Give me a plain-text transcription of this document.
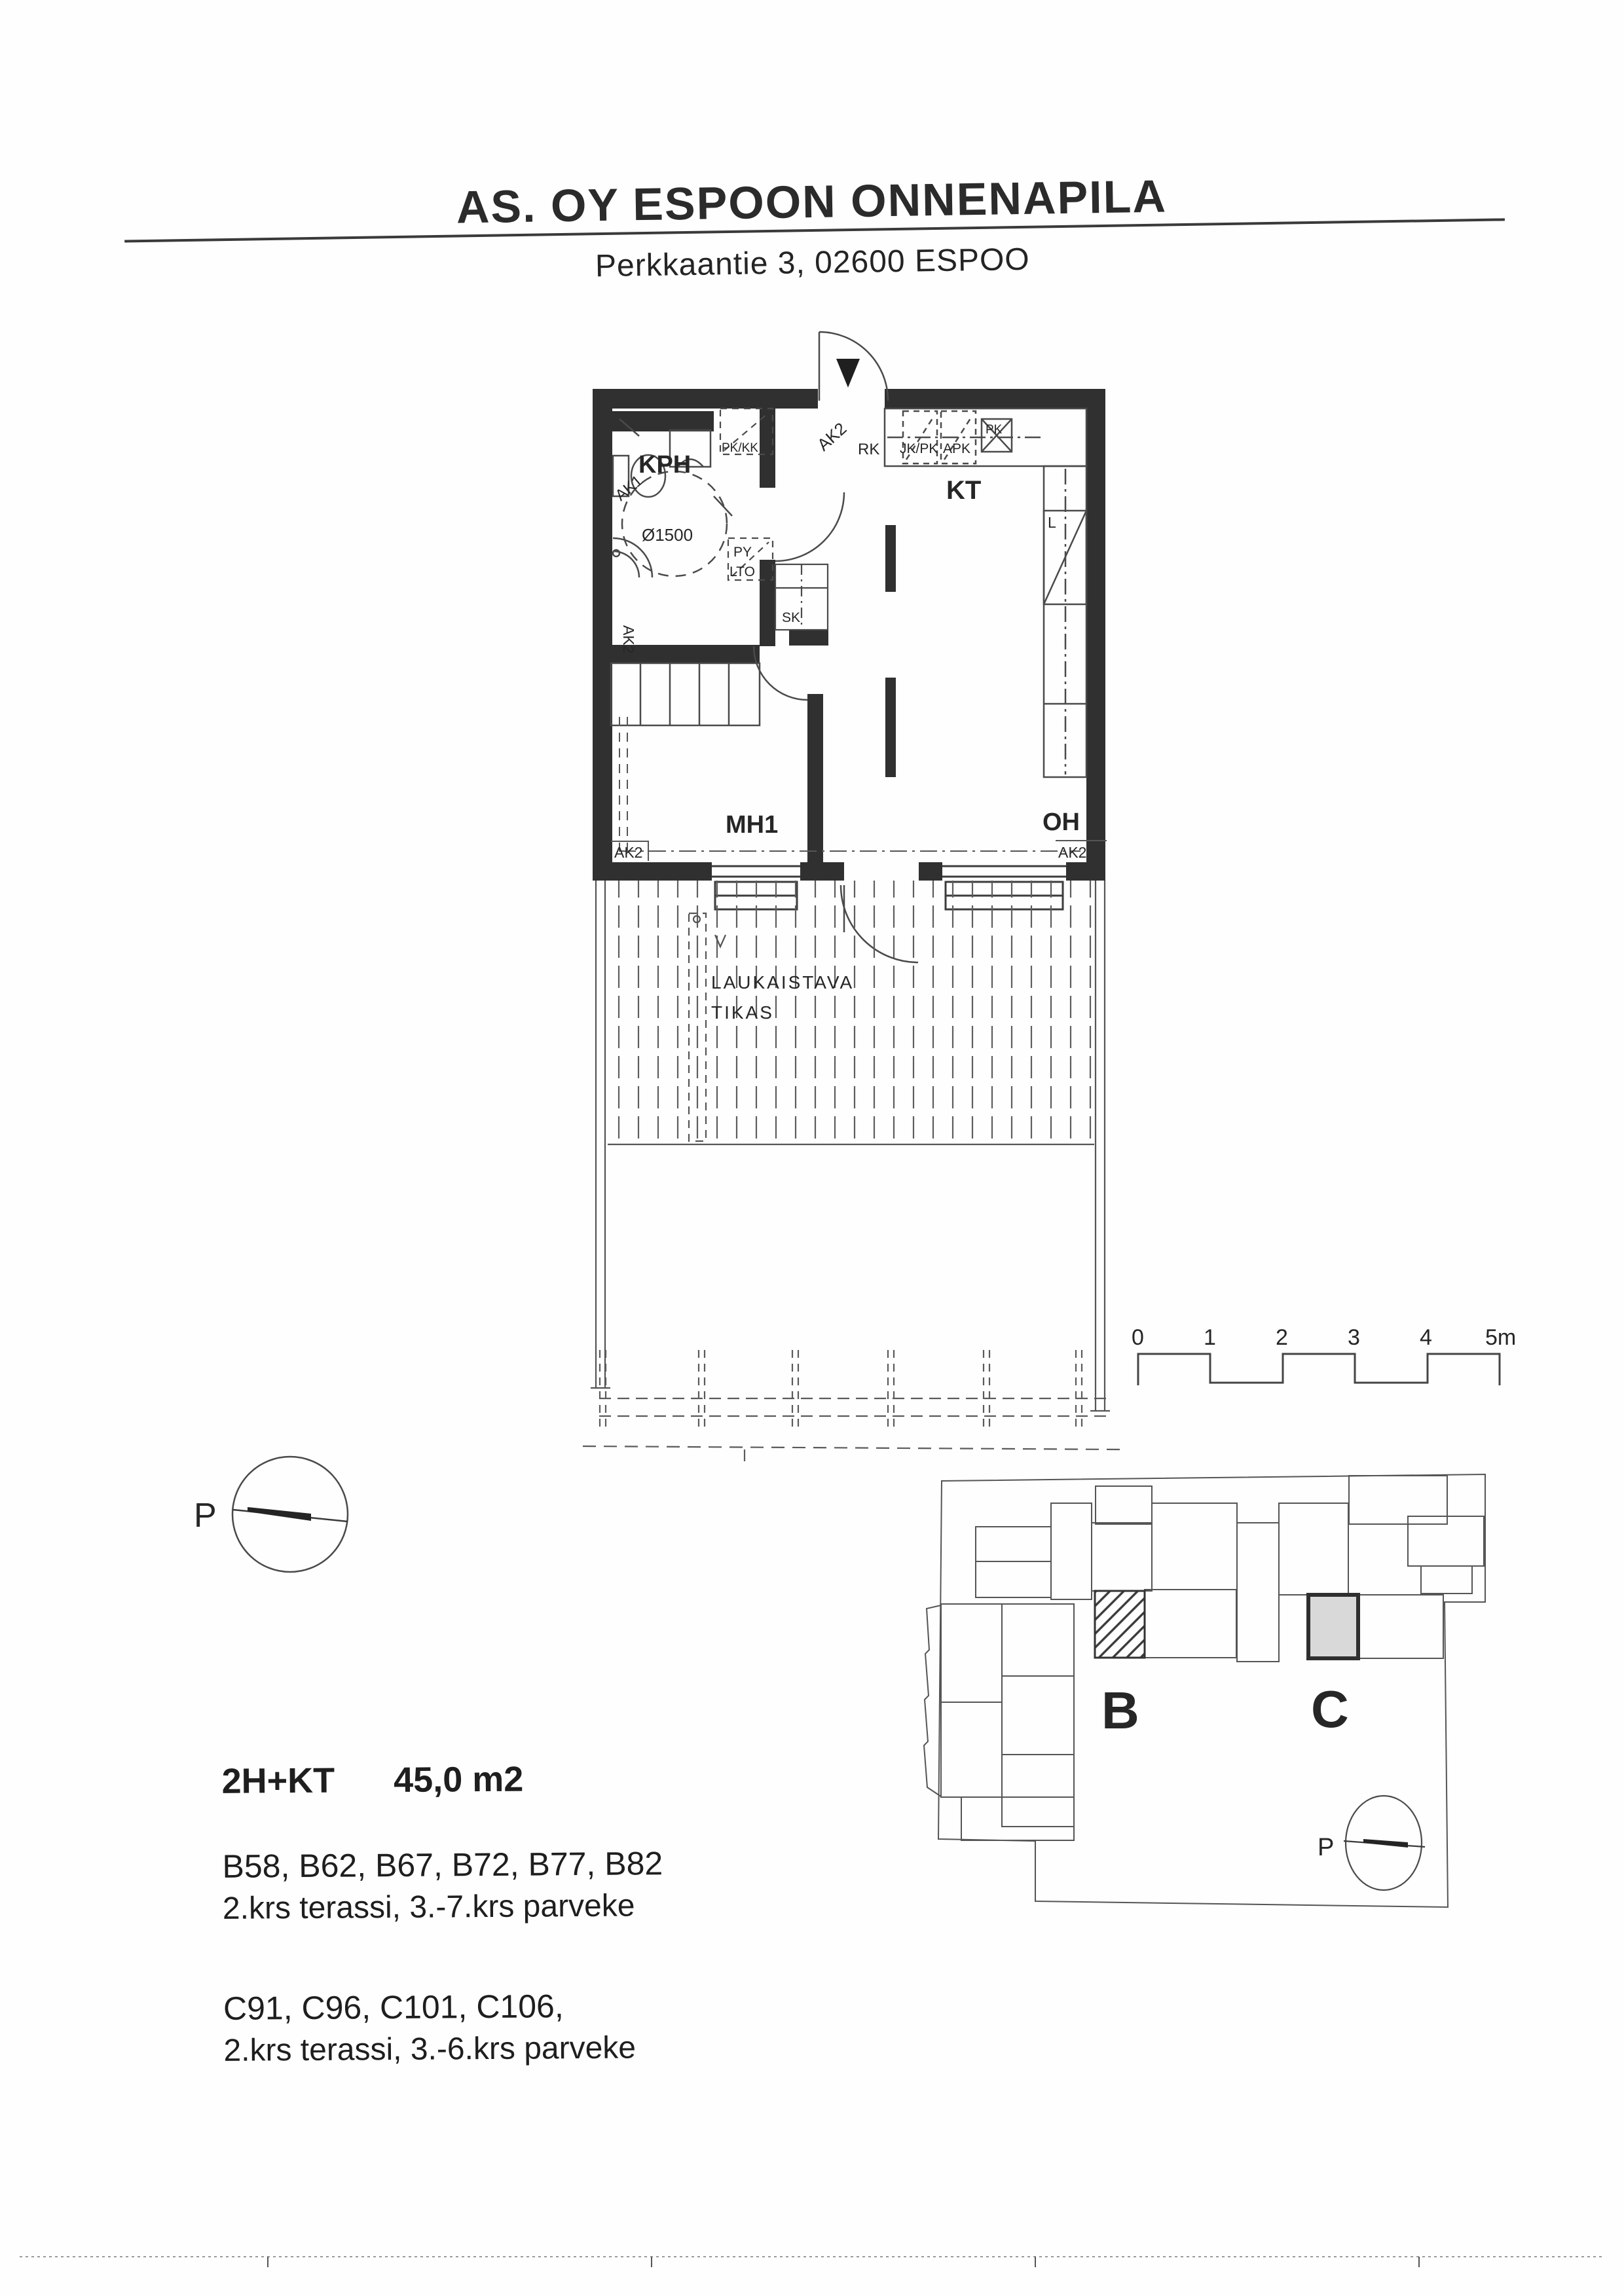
AS. OY ESPOON ONNENAPILA
Perkkaantie 3, 02600 ESPOO
2H+KT 45,0 m2
B58, B62, B67, B72, B77, B82
2.krs terassi, 3.-7.krs parveke
C91, C96, C101, C106,
2.krs terassi, 3.-6.krs parveke
KPH
KT
MH1	OH
AK2 RK JK/PK APK
PK
PK/KK
AK1
Ø1500
PY
LTO
SK
L
AK2
AK2	AK2
LAUKAISTAVA
TIKAS
0	1	2	3	4 5m
P
B	C
P
